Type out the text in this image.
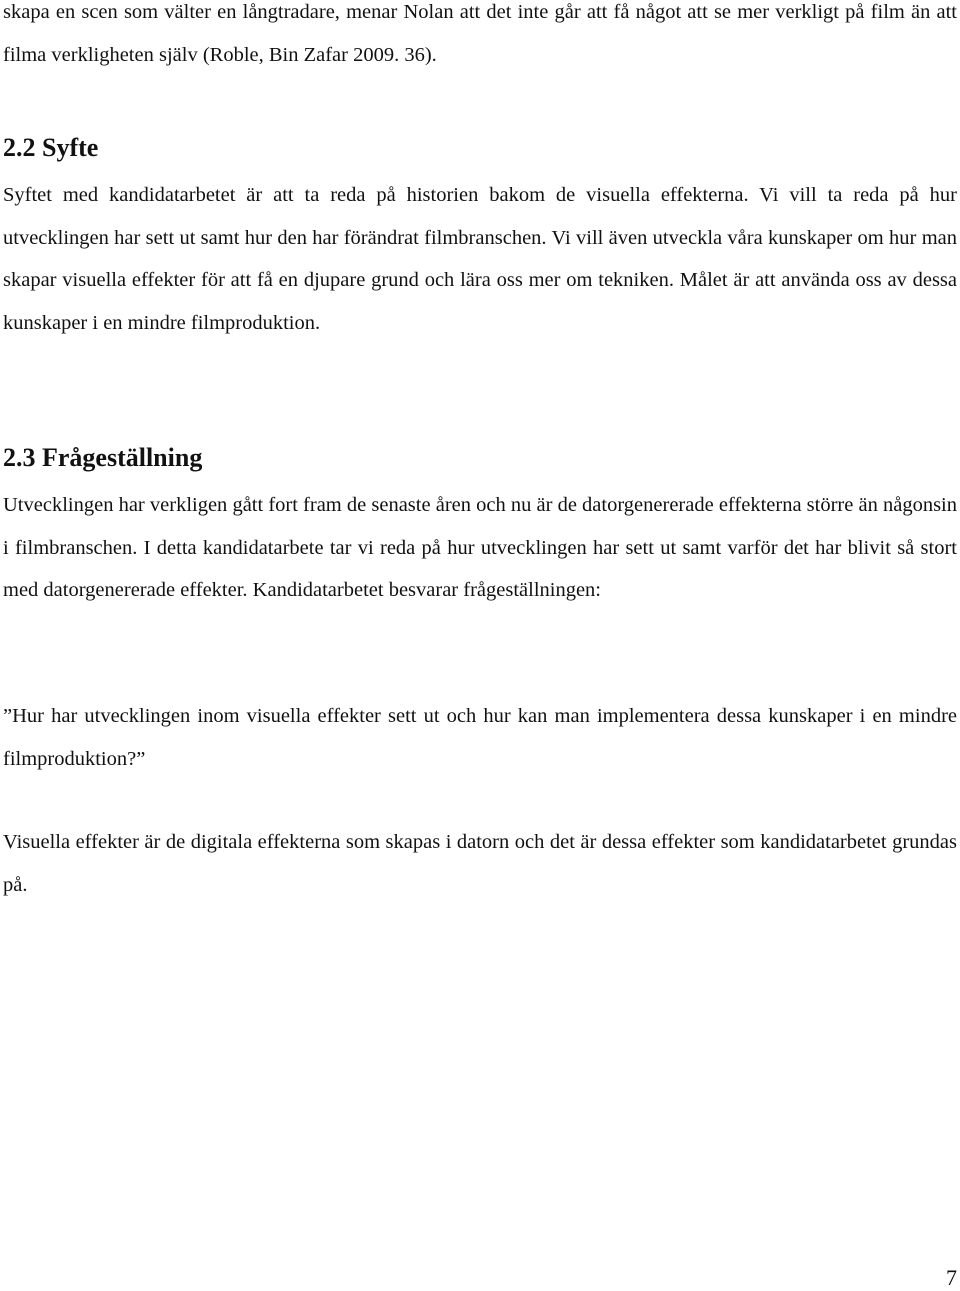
skapa en scen som välter en långtradare, menar Nolan att det inte går att få något att se mer verkligt på film än att filma verkligheten själv (Roble, Bin Zafar 2009. 36).

2.2 Syfte

Syftet med kandidatarbetet är att ta reda på historien bakom de visuella effekterna. Vi vill ta reda på hur utvecklingen har sett ut samt hur den har förändrat filmbranschen. Vi vill även utveckla våra kunskaper om hur man skapar visuella effekter för att få en djupare grund och lära oss mer om tekniken. Målet är att använda oss av dessa kunskaper i en mindre filmproduktion.

2.3 Frågeställning

Utvecklingen har verkligen gått fort fram de senaste åren och nu är de datorgenererade effekterna större än någonsin i filmbranschen. I detta kandidatarbete tar vi reda på hur utvecklingen har sett ut samt varför det har blivit så stort med datorgenererade effekter. Kandidatarbetet besvarar frågeställningen:

”Hur har utvecklingen inom visuella effekter sett ut och hur kan man implementera dessa kunskaper i en mindre filmproduktion?”

Visuella effekter är de digitala effekterna som skapas i datorn och det är dessa effekter som kandidatarbetet grundas på.

7
